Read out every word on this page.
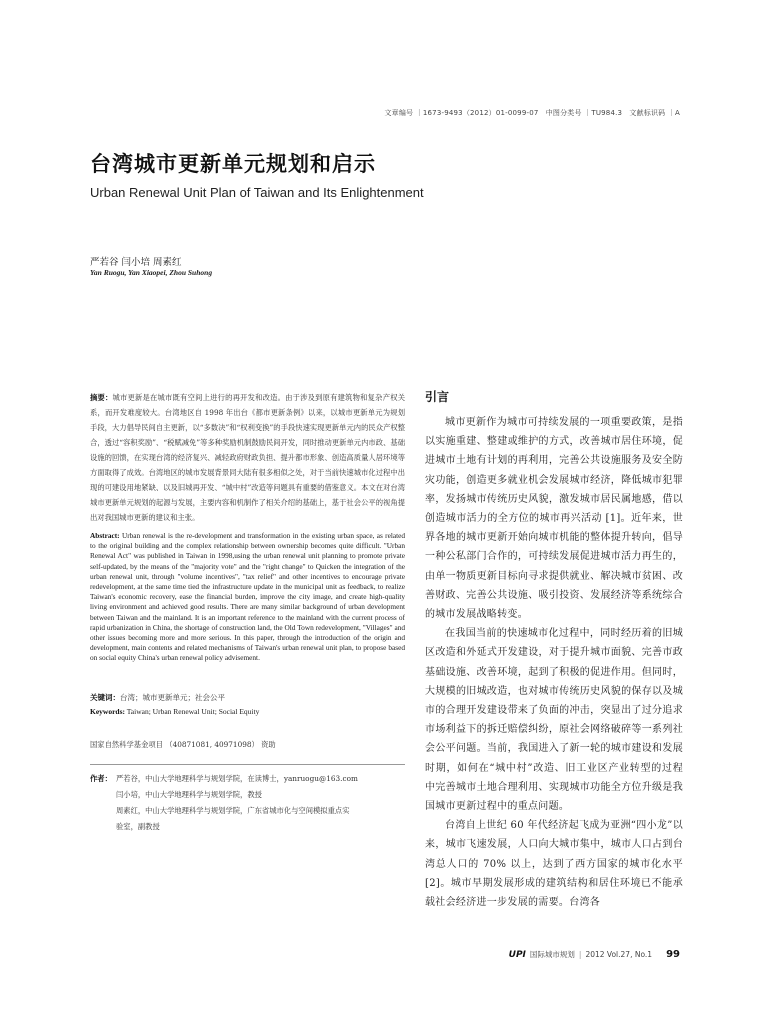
文章编号 ｜1673-9493（2012）01-0099-07　中图分类号 ｜TU984.3　文献标识码 ｜A
台湾城市更新单元规划和启示
Urban Renewal Unit Plan of Taiwan and Its Enlightenment
严若谷 闫小培 周素红
Yan Ruogu, Yan Xiaopei, Zhou Suhong

摘要：城市更新是在城市既有空间上进行的再开发和改造。由于涉及到原有建筑物和复杂产权关系，而开发难度较大。台湾地区自 1998 年出台《都市更新条例》以来，以城市更新单元为规划手段，大力倡导民间自主更新，以“多数决”和“权利变换”的手段快速实现更新单元内的民众产权整合，透过“容积奖励”、“税赋减免”等多种奖励机制鼓励民间开发，同时推动更新单元内市政、基础设施的回馈，在实现台湾的经济复兴、减轻政府财政负担、提升都市形象、创造高质量人居环境等方面取得了成效。台湾地区的城市发展背景同大陆有很多相似之处，对于当前快速城市化过程中出现的可建设用地紧缺、以及旧城再开发、“城中村”改造等问题具有重要的借鉴意义。本文在对台湾城市更新单元规划的起源与发展，主要内容和机制作了相关介绍的基础上，基于社会公平的视角提出对我国城市更新的建议和主张。

Abstract: Urban renewal is the re-development and transformation in the existing urban space, as related to the original building and the complex relationship between ownership becomes quite difficult. "Urban Renewal Act" was published in Taiwan in 1998,using the urban renewal unit planning to promote private self-updated, by the means of the "majority vote" and the "right change" to Quicken the integration of the urban renewal unit, through "volume incentives", "tax relief" and other incentives to encourage private redevelopment, at the same time tied the infrastructure update in the municipal unit as feedback, to realize Taiwan's economic recovery, ease the financial burden, improve the city image, and create high-quality living environment and achieved good results. There are many similar background of urban development between Taiwan and the mainland. It is an important reference to the mainland with the current process of rapid urbanization in China, the shortage of construction land, the Old Town redevelopment, "Villages" and other issues becoming more and more serious. In this paper, through the introduction of the origin and development, main contents and related mechanisms of Taiwan's urban renewal unit plan, to propose based on social equity China's urban renewal policy advisement.

关键词：台湾；城市更新单元；社会公平

Keywords: Taiwan; Urban Renewal Unit; Social Equity

国家自然科学基金项目 （40871081, 40971098） 资助

作者： 严若谷，中山大学地理科学与规划学院，在读博士，yanruogu@163.com
闫小培，中山大学地理科学与规划学院，教授
周素红，中山大学地理科学与规划学院，广东省城市化与空间模拟重点实
验室，副教授
引言

城市更新作为城市可持续发展的一项重要政策，是指以实施重建、整建或维护的方式，改善城市居住环境，促进城市土地有计划的再利用，完善公共设施服务及安全防灾功能，创造更多就业机会发展城市经济，降低城市犯罪率，发扬城市传统历史风貌，激发城市居民属地感，借以创造城市活力的全方位的城市再兴活动 [1]。近年来，世界各地的城市更新开始向城市机能的整体提升转向，倡导一种公私部门合作的，可持续发展促进城市活力再生的，由单一物质更新目标向寻求提供就业、解决城市贫困、改善财政、完善公共设施、吸引投资、发展经济等系统综合的城市发展战略转变。

在我国当前的快速城市化过程中，同时经历着的旧城区改造和外延式开发建设，对于提升城市面貌、完善市政基础设施、改善环境，起到了积极的促进作用。但同时，大规模的旧城改造，也对城市传统历史风貌的保存以及城市的合理开发建设带来了负面的冲击，突显出了过分追求市场利益下的拆迁赔偿纠纷，原社会网络破碎等一系列社会公平问题。当前，我国进入了新一轮的城市建设和发展时期，如何在“城中村”改造、旧工业区产业转型的过程中完善城市土地合理利用、实现城市功能全方位升级是我国城市更新过程中的重点问题。

台湾自上世纪 60 年代经济起飞成为亚洲“四小龙”以来，城市飞速发展，人口向大城市集中，城市人口占到台湾总人口的 70% 以上，达到了西方国家的城市化水平 [2]。城市早期发展形成的建筑结构和居住环境已不能承载社会经济进一步发展的需要。台湾各

UPI 国际城市规划 | 2012 Vol.27, No.1 99
